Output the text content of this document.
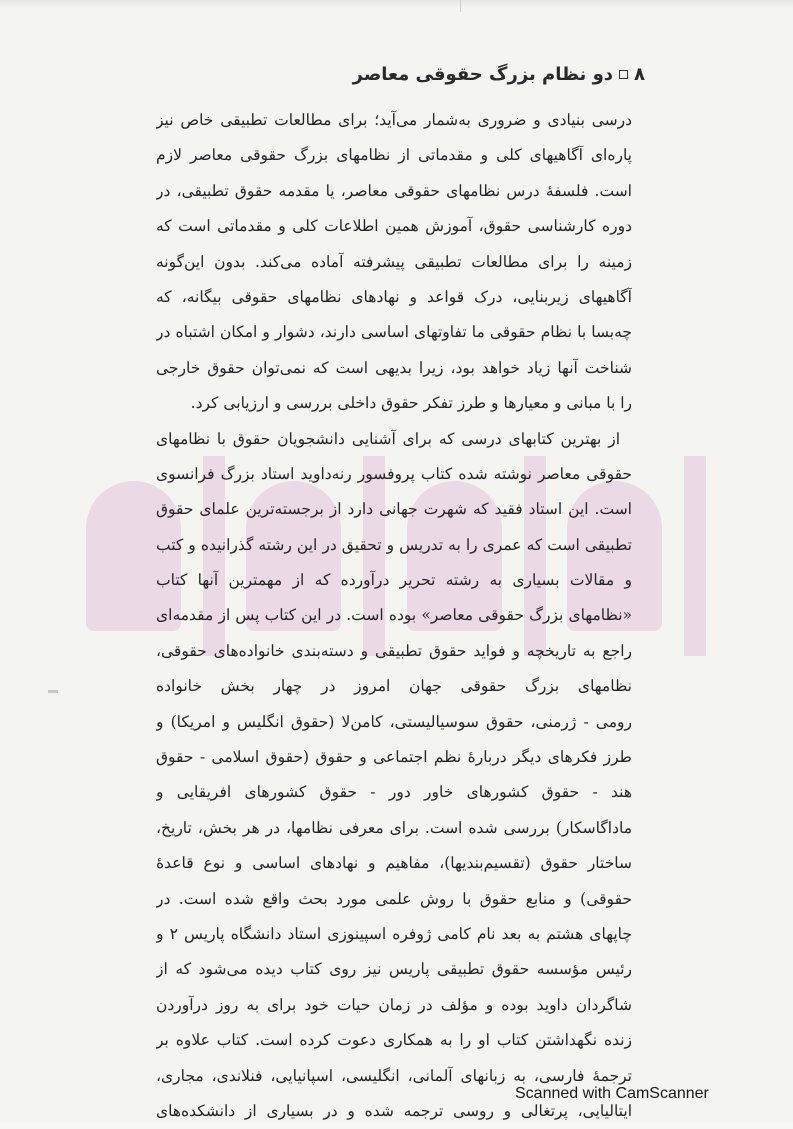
۸
دو نظام بزرگ حقوقی معاصر
درسی بنیادی و ضروری به‌شمار می‌آید؛ برای مطالعات تطبیقی خاص نیز
پاره‌ای آگاهیهای کلی و مقدماتی از نظامهای بزرگ حقوقی معاصر لازم
است. فلسفهٔ درس نظامهای حقوقی معاصر، یا مقدمه حقوق تطبیقی، در
دوره کارشناسی حقوق، آموزش همین اطلاعات کلی و مقدماتی است که
زمینه را برای مطالعات تطبیقی پیشرفته آماده می‌کند. بدون این‌گونه
آگاهیهای زیربنایی، درک قواعد و نهادهای نظامهای حقوقی بیگانه، که
چه‌بسا با نظام حقوقی ما تفاوتهای اساسی دارند، دشوار و امکان اشتباه در
شناخت آنها زیاد خواهد بود، زیرا بدیهی است که نمی‌توان حقوق خارجی
را با مبانی و معیارها و طرز تفکر حقوق داخلی بررسی و ارزیابی کرد.
از بهترین کتابهای درسی که برای آشنایی دانشجویان حقوق با نظامهای
حقوقی معاصر نوشته شده کتاب پروفسور رنه‌داوید استاد بزرگ فرانسوی
است. این استاد فقید که شهرت جهانی دارد از برجسته‌ترین علمای حقوق
تطبیقی است که عمری را به تدریس و تحقیق در این رشته گذرانیده و کتب
و مقالات بسیاری به رشته تحریر درآورده که از مهمترین آنها کتاب
«نظامهای بزرگ حقوقی معاصر» بوده است. در این کتاب پس از مقدمه‌ای
راجع به تاریخچه و فواید حقوق تطبیقی و دسته‌بندی خانواده‌های حقوقی،
نظامهای بزرگ حقوقی جهان امروز در چهار بخش خانواده
رومی - ژرمنی، حقوق سوسیالیستی، کامن‌لا (حقوق انگلیس و امریکا) و
طرز فکرهای دیگر دربارهٔ نظم اجتماعی و حقوق (حقوق اسلامی - حقوق
هند - حقوق کشورهای خاور دور - حقوق کشورهای افریقایی و
ماداگاسکار) بررسی شده است. برای معرفی نظامها، در هر بخش، تاریخ،
ساختار حقوق (تقسیم‌بندیها)، مفاهیم و نهادهای اساسی و نوع قاعدهٔ
حقوقی) و منابع حقوق با روش علمی مورد بحث واقع شده است. در
چاپهای هشتم به بعد نام کامی ژوفره اسپینوزی استاد دانشگاه پاریس ۲ و
رئیس مؤسسه حقوق تطبیقی پاریس نیز روی کتاب دیده می‌شود که از
شاگردان داوید بوده و مؤلف در زمان حیات خود برای به روز درآوردن
زنده نگهداشتن کتاب او را به همکاری دعوت کرده است. کتاب علاوه بر
ترجمهٔ فارسی، به زبانهای آلمانی، انگلیسی، اسپانیایی، فنلاندی، مجاری،
ایتالیایی، پرتغالی و روسی ترجمه شده و در بسیاری از دانشکده‌های
Scanned with CamScanner
